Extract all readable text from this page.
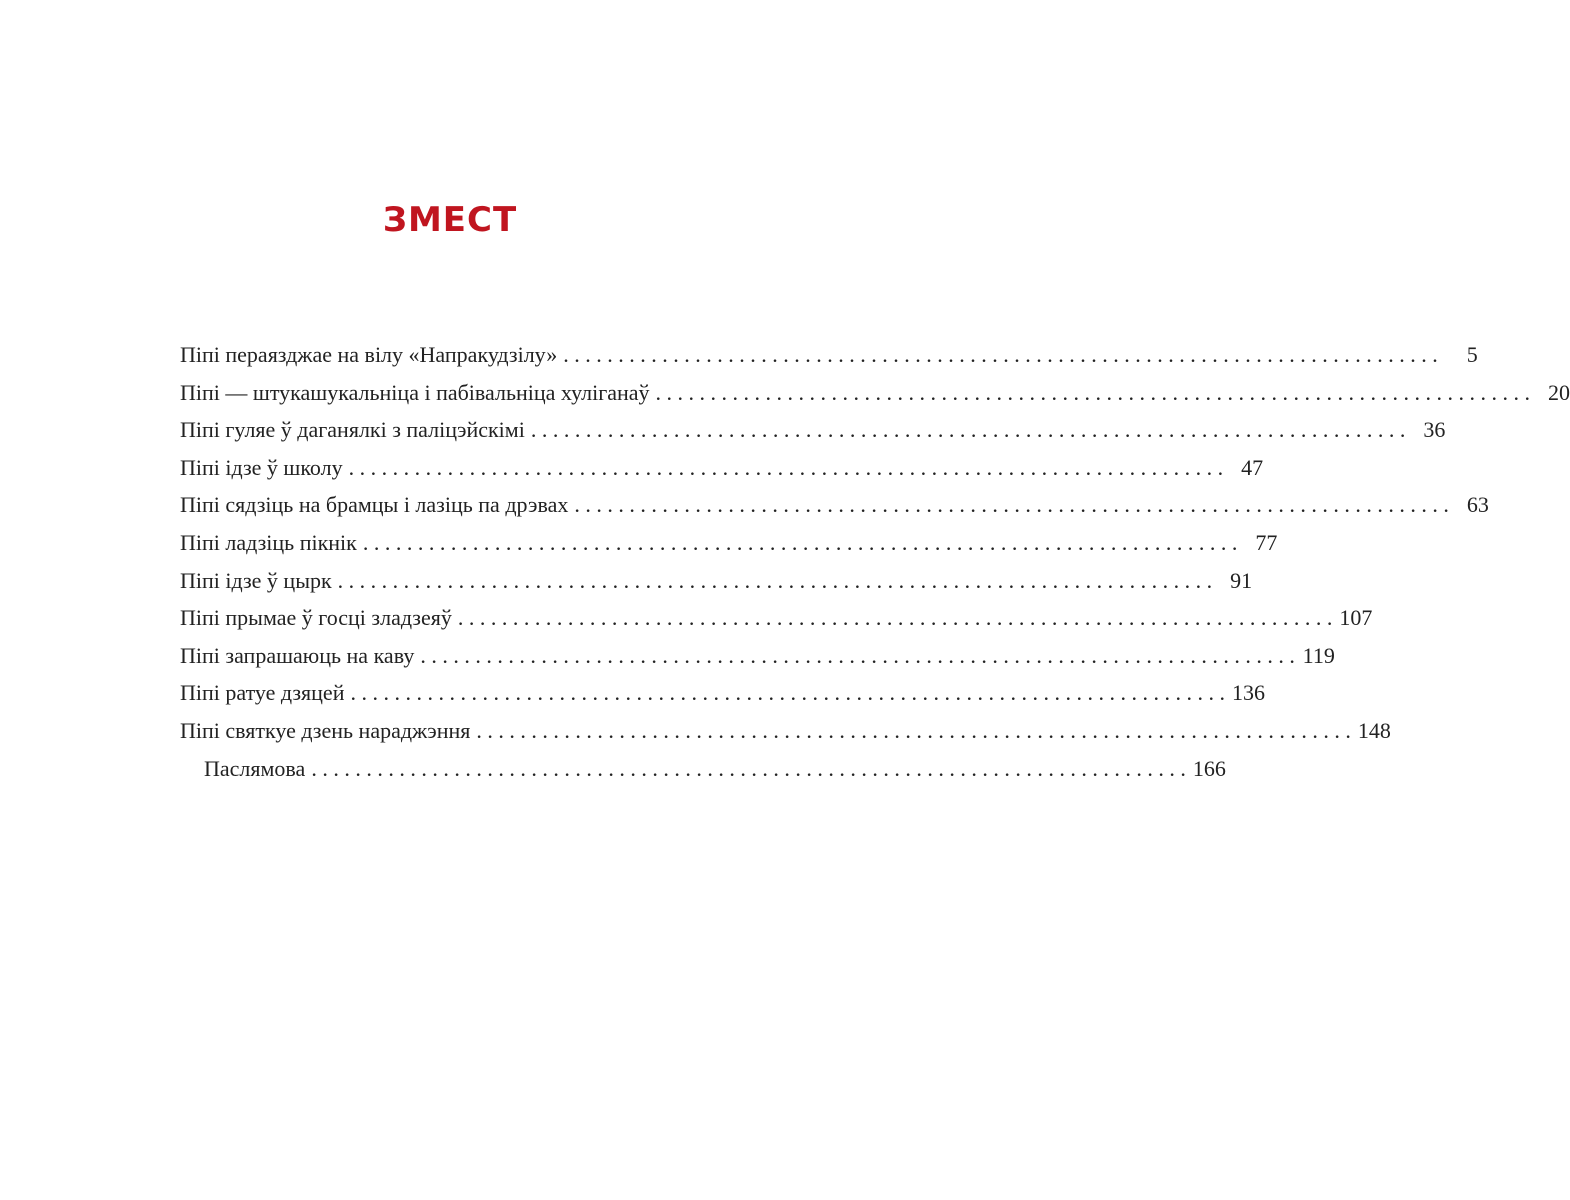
ЗМЕСТ
Піпі пераязджае на вілу «Напракудзілу» . . . . . . . . . . . . . . . . . . . . . . . . . . . . . . . . . . . . . . . . . . . . . . . . . . . . . . . . . . . . . . . . . . . . . . . . . . . . . . . .	5
Піпі — штукашукальніца і пабівальніца хуліганаў . . . . . . . . . . . . . . . . . . . . . . . . . . . . . . . . . . . . . . . . . . . . . . . . . . . . . . . . . . . . . . . . . . . . . . . . . . . . . . . . 20
Піпі гуляе ў даганялкі з паліцэйскімі . . . . . . . . . . . . . . . . . . . . . . . . . . . . . . . . . . . . . . . . . . . . . . . . . . . . . . . . . . . . . . . . . . . . . . . . . . . . . . . . 36
Піпі ідзе ў школу . . . . . . . . . . . . . . . . . . . . . . . . . . . . . . . . . . . . . . . . . . . . . . . . . . . . . . . . . . . . . . . . . . . . . . . . . . . . . . . . 47
Піпі сядзіць на брамцы і лазіць па дрэвах . . . . . . . . . . . . . . . . . . . . . . . . . . . . . . . . . . . . . . . . . . . . . . . . . . . . . . . . . . . . . . . . . . . . . . . . . . . . . . . . 63
Піпі ладзіць пікнік . . . . . . . . . . . . . . . . . . . . . . . . . . . . . . . . . . . . . . . . . . . . . . . . . . . . . . . . . . . . . . . . . . . . . . . . . . . . . . . . 77
Піпі ідзе ў цырк . . . . . . . . . . . . . . . . . . . . . . . . . . . . . . . . . . . . . . . . . . . . . . . . . . . . . . . . . . . . . . . . . . . . . . . . . . . . . . . . 91
Піпі прымае ў госці зладзеяў . . . . . . . . . . . . . . . . . . . . . . . . . . . . . . . . . . . . . . . . . . . . . . . . . . . . . . . . . . . . . . . . . . . . . . . . . . . . . . . . 107
Піпі запрашаюць на каву . . . . . . . . . . . . . . . . . . . . . . . . . . . . . . . . . . . . . . . . . . . . . . . . . . . . . . . . . . . . . . . . . . . . . . . . . . . . . . . . 119
Піпі ратуе дзяцей . . . . . . . . . . . . . . . . . . . . . . . . . . . . . . . . . . . . . . . . . . . . . . . . . . . . . . . . . . . . . . . . . . . . . . . . . . . . . . . . 136
Піпі святкуе дзень нараджэння . . . . . . . . . . . . . . . . . . . . . . . . . . . . . . . . . . . . . . . . . . . . . . . . . . . . . . . . . . . . . . . . . . . . . . . . . . . . . . . . 148
Паслямова . . . . . . . . . . . . . . . . . . . . . . . . . . . . . . . . . . . . . . . . . . . . . . . . . . . . . . . . . . . . . . . . . . . . . . . . . . . . . . . . 166
